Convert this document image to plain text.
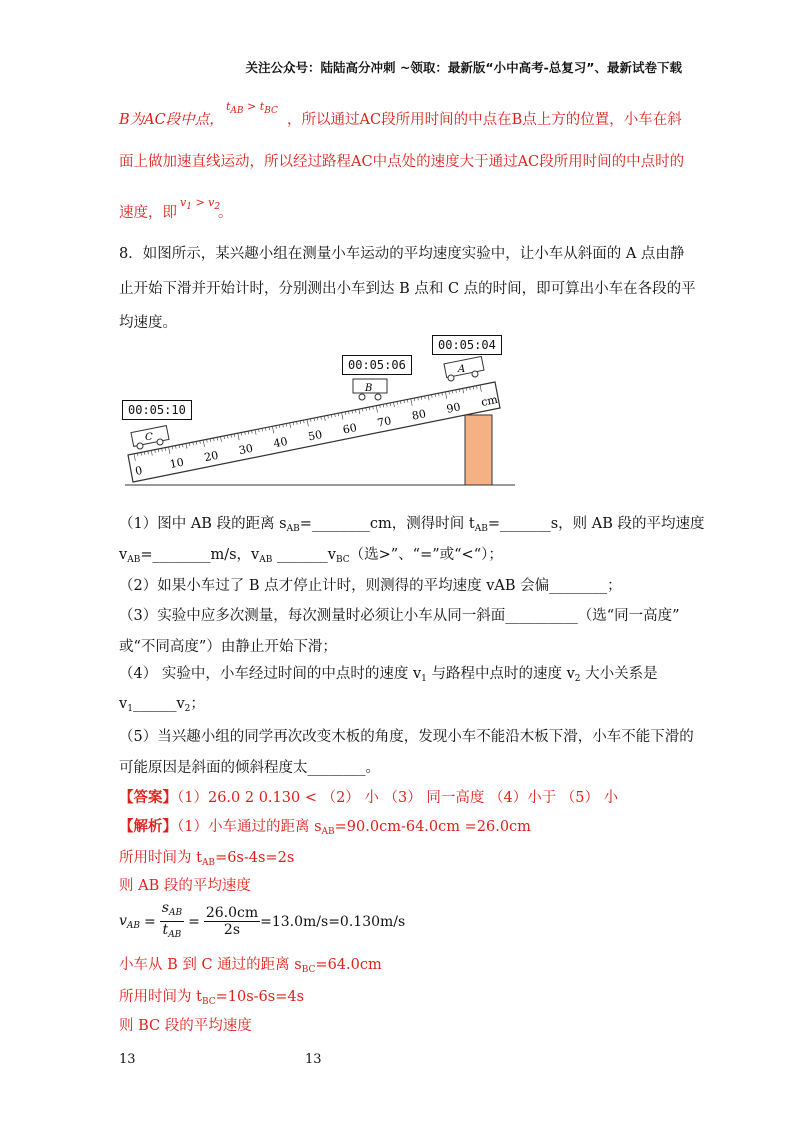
关注公众号：陆陆高分冲刺 ~领取：最新版“小中高考-总复习”、最新试卷下载
B为AC段中点，
$t_{AB} > t_{BC}$
，所以通过AC段所用时间的中点在B点上方的位置，小车在斜
面上做加速直线运动，所以经过路程AC中点处的速度大于通过AC段所用时间的中点时的
速度，即
$v_1 > v_2$
。
8．如图所示，某兴趣小组在测量小车运动的平均速度实验中，让小车从斜面的 A 点由静
止开始下滑并开始计时，分别测出小车到达 B 点和 C 点的时间，即可算出小车在各段的平
均速度。
0 10 20 30 40 50 60 70 80 90 cm
C
B
A
00:05:10
00:05:06
00:05:04
（1）图中 AB 段的距离 $s_{AB}=\_\_\_\_\_\_\_\_cm$，测得时间 $t_{AB}=\_\_\_\_\_\_\_s$，则 AB 段的平均速度
$v_{AB}=\_\_\_\_\_\_\_\_m/s$，$v_{AB}$ $\_\_\_\_\_\_\_v_{BC}$（选>”、“=”或“<“）；
（2）如果小车过了 B 点才停止计时，则测得的平均速度 vAB 会偏________；
（3）实验中应多次测量，每次测量时必须让小车从同一斜面__________（选“同一高度”
或“不同高度”）由静止开始下滑；
（4） 实验中，小车经过时间的中点时的速度 $v_1$ 与路程中点时的速度 $v_2$ 大小关系是
$v_1\_\_\_\_\_\_v_2$；
（5）当兴趣小组的同学再次改变木板的角度，发现小车不能沿木板下滑，小车不能下滑的
可能原因是斜面的倾斜程度太________。
【答案】（1）26.0 2 0.130 < （2） 小 （3） 同一高度 （4）小于 （5） 小
【解析】（1）小车通过的距离 $s_{AB}=90.0cm-64.0cm =26.0cm$
所用时间为 $t_{AB}=6s-4s=2s$
则 AB 段的平均速度
$v_{AB} = \frac{s_{AB}}{t_{AB}} = \frac{26.0cm}{2s} =13.0m/s=0.130m/s$
小车从 B 到 C 通过的距离 $s_{BC}=64.0cm$
所用时间为 $t_{BC}=10s-6s=4s$
则 BC 段的平均速度
13	13
